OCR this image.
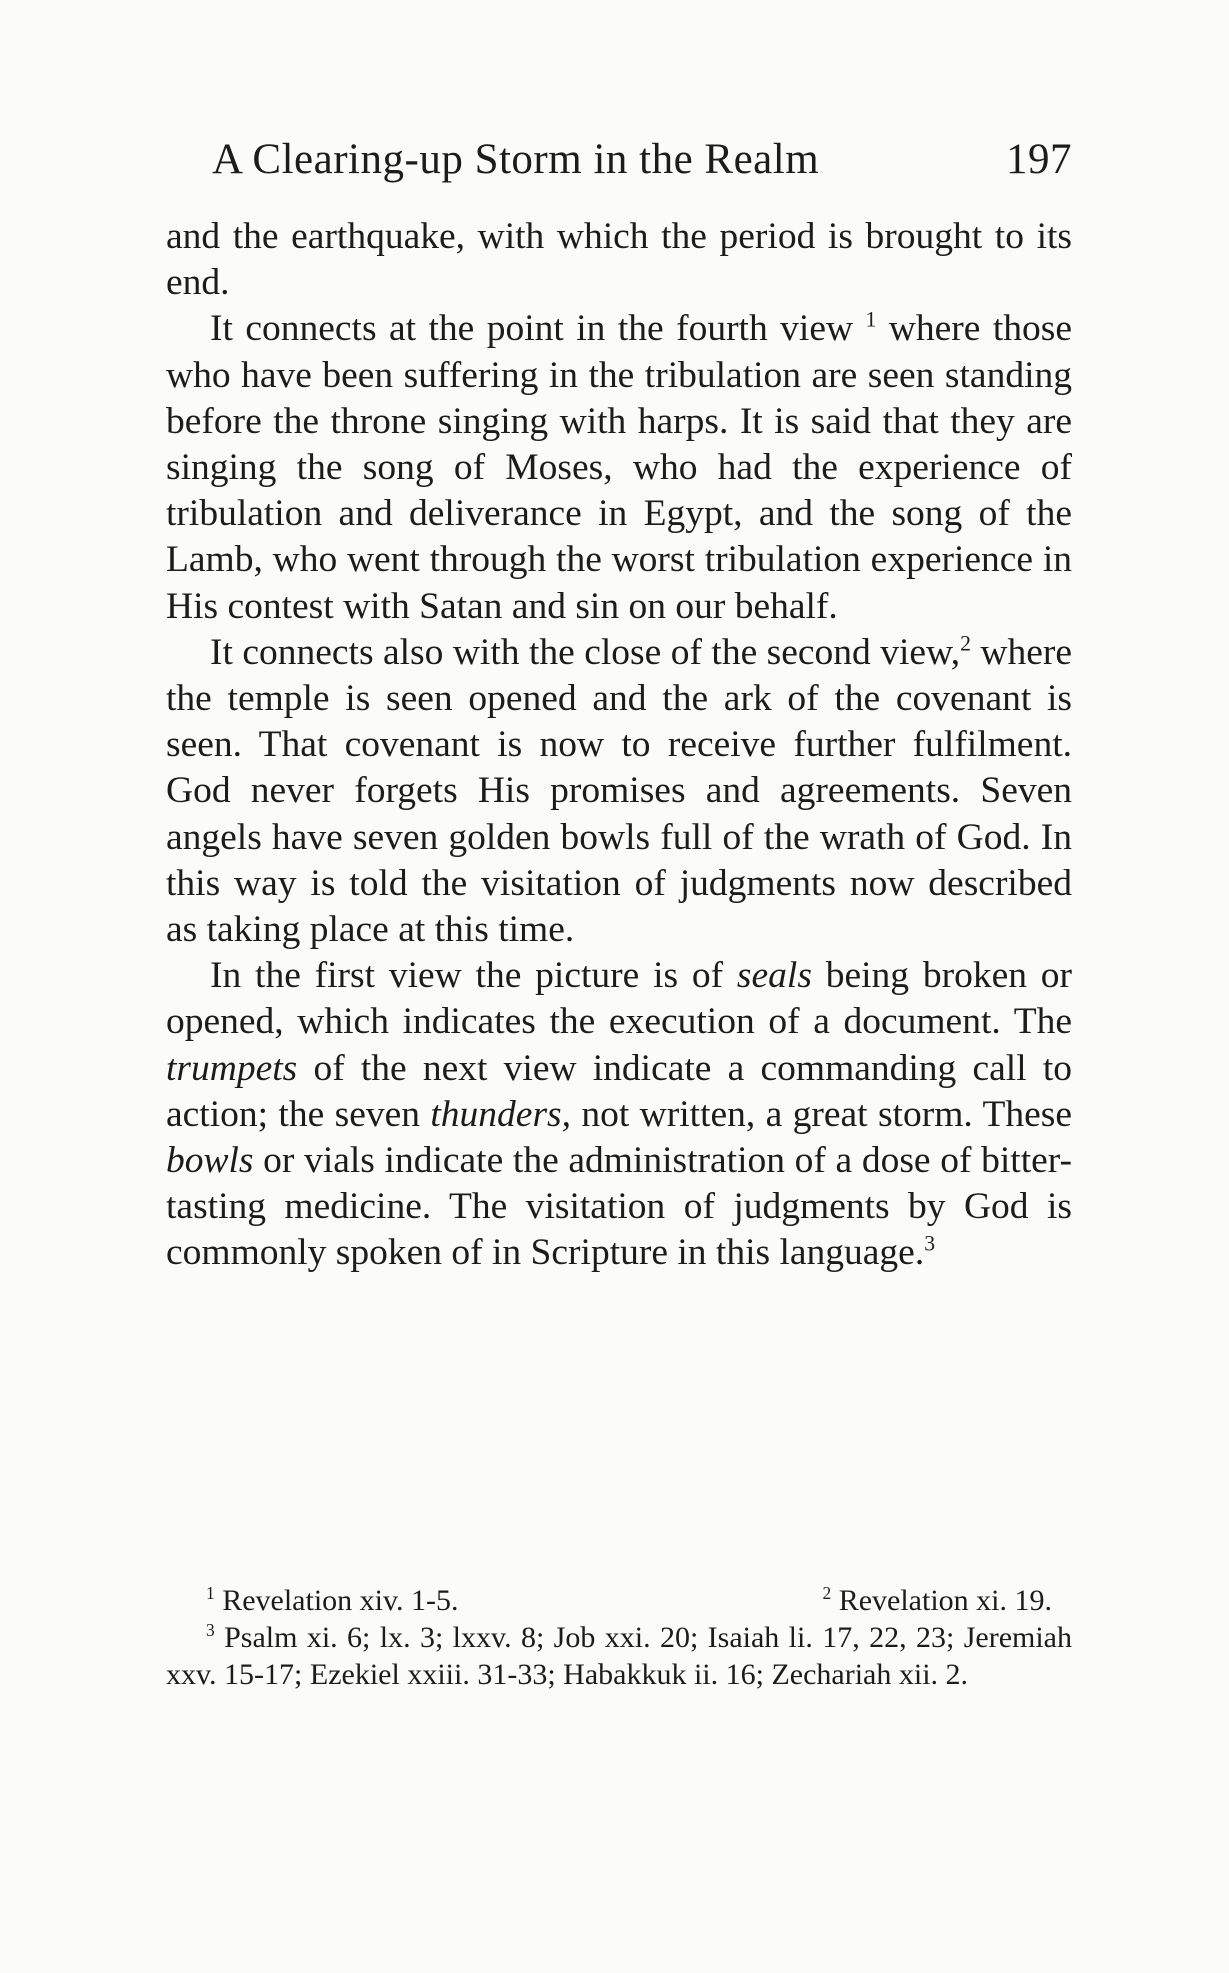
A Clearing-up Storm in the Realm	197

and the earthquake, with which the period is brought to its end.

It connects at the point in the fourth view $^1$ where those who have been suffering in the tribulation are seen standing before the throne singing with harps. It is said that they are singing the song of Moses, who had the experience of tribulation and deliverance in Egypt, and the song of the Lamb, who went through the worst tribulation experience in His contest with Satan and sin on our behalf.

It connects also with the close of the second view,$^2$ where the temple is seen opened and the ark of the covenant is seen. That covenant is now to receive further fulfilment. God never forgets His promises and agreements. Seven angels have seven golden bowls full of the wrath of God. In this way is told the visitation of judgments now described as taking place at this time.

In the first view the picture is of seals being broken or opened, which indicates the execution of a document. The trumpets of the next view indicate a commanding call to action; the seven thunders, not written, a great storm. These bowls or vials indicate the administration of a dose of bitter-tasting medicine. The visitation of judgments by God is commonly spoken of in Scripture in this language.$^3$

$^1$ Revelation xiv. 1-5.	$^2$ Revelation xi. 19.

$^3$ Psalm xi. 6; lx. 3; lxxv. 8; Job xxi. 20; Isaiah li. 17, 22, 23; Jeremiah xxv. 15-17; Ezekiel xxiii. 31-33; Habakkuk ii. 16; Zechariah xii. 2.
